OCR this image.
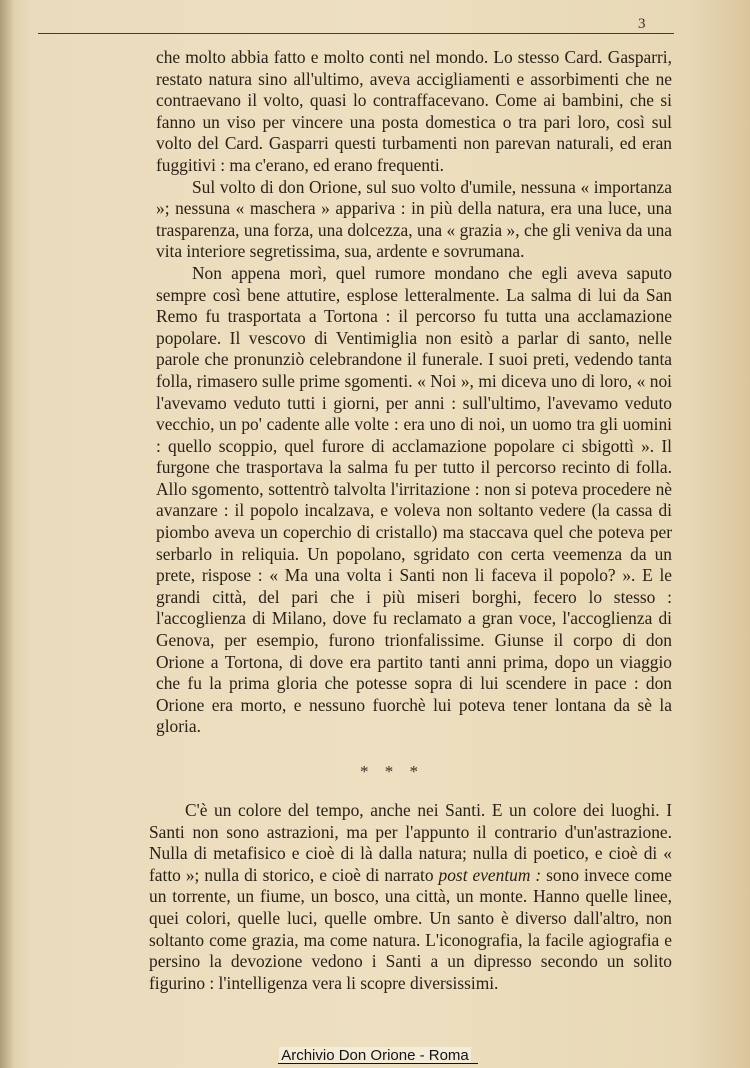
3

che molto abbia fatto e molto conti nel mondo. Lo stesso Card. Gasparri, restato natura sino all'ultimo, aveva accigliamenti e assorbimenti che ne contraevano il volto, quasi lo contraffacevano. Come ai bambini, che si fanno un viso per vincere una posta domestica o tra pari loro, così sul volto del Card. Gasparri questi turbamenti non parevan naturali, ed eran fuggitivi : ma c'erano, ed erano frequenti.

Sul volto di don Orione, sul suo volto d'umile, nessuna « importanza »; nessuna « maschera » appariva : in più della natura, era una luce, una trasparenza, una forza, una dolcezza, una « grazia », che gli veniva da una vita interiore segretissima, sua, ardente e sovrumana.

Non appena morì, quel rumore mondano che egli aveva saputo sempre così bene attutire, esplose letteralmente. La salma di lui da San Remo fu trasportata a Tortona : il percorso fu tutta una acclamazione popolare. Il vescovo di Ventimiglia non esitò a parlar di santo, nelle parole che pronunziò celebrandone il funerale. I suoi preti, vedendo tanta folla, rimasero sulle prime sgomenti. « Noi », mi diceva uno di loro, « noi l'avevamo veduto tutti i giorni, per anni : sull'ultimo, l'avevamo veduto vecchio, un po' cadente alle volte : era uno di noi, un uomo tra gli uomini : quello scoppio, quel furore di acclamazione popolare ci sbigottì ». Il furgone che trasportava la salma fu per tutto il percorso recinto di folla. Allo sgomento, sottentrò talvolta l'irritazione : non si poteva procedere nè avanzare : il popolo incalzava, e voleva non soltanto vedere (la cassa di piombo aveva un coperchio di cristallo) ma staccava quel che poteva per serbarlo in reliquia. Un popolano, sgridato con certa veemenza da un prete, rispose : « Ma una volta i Santi non li faceva il popolo? ». E le grandi città, del pari che i più miseri borghi, fecero lo stesso : l'accoglienza di Milano, dove fu reclamato a gran voce, l'accoglienza di Genova, per esempio, furono trionfalissime. Giunse il corpo di don Orione a Tortona, di dove era partito tanti anni prima, dopo un viaggio che fu la prima gloria che potesse sopra di lui scendere in pace : don Orione era morto, e nessuno fuorchè lui poteva tener lontana da sè la gloria.

* * *

C'è un colore del tempo, anche nei Santi. E un colore dei luoghi. I Santi non sono astrazioni, ma per l'appunto il contrario d'un'astrazione. Nulla di metafisico e cioè di là dalla natura; nulla di poetico, e cioè di « fatto »; nulla di storico, e cioè di narrato post eventum : sono invece come un torrente, un fiume, un bosco, una città, un monte. Hanno quelle linee, quei colori, quelle luci, quelle ombre. Un santo è diverso dall'altro, non soltanto come grazia, ma come natura. L'iconografia, la facile agiografia e persino la devozione vedono i Santi a un dipresso secondo un solito figurino : l'intelligenza vera li scopre diversissimi.

Archivio Don Orione - Roma
